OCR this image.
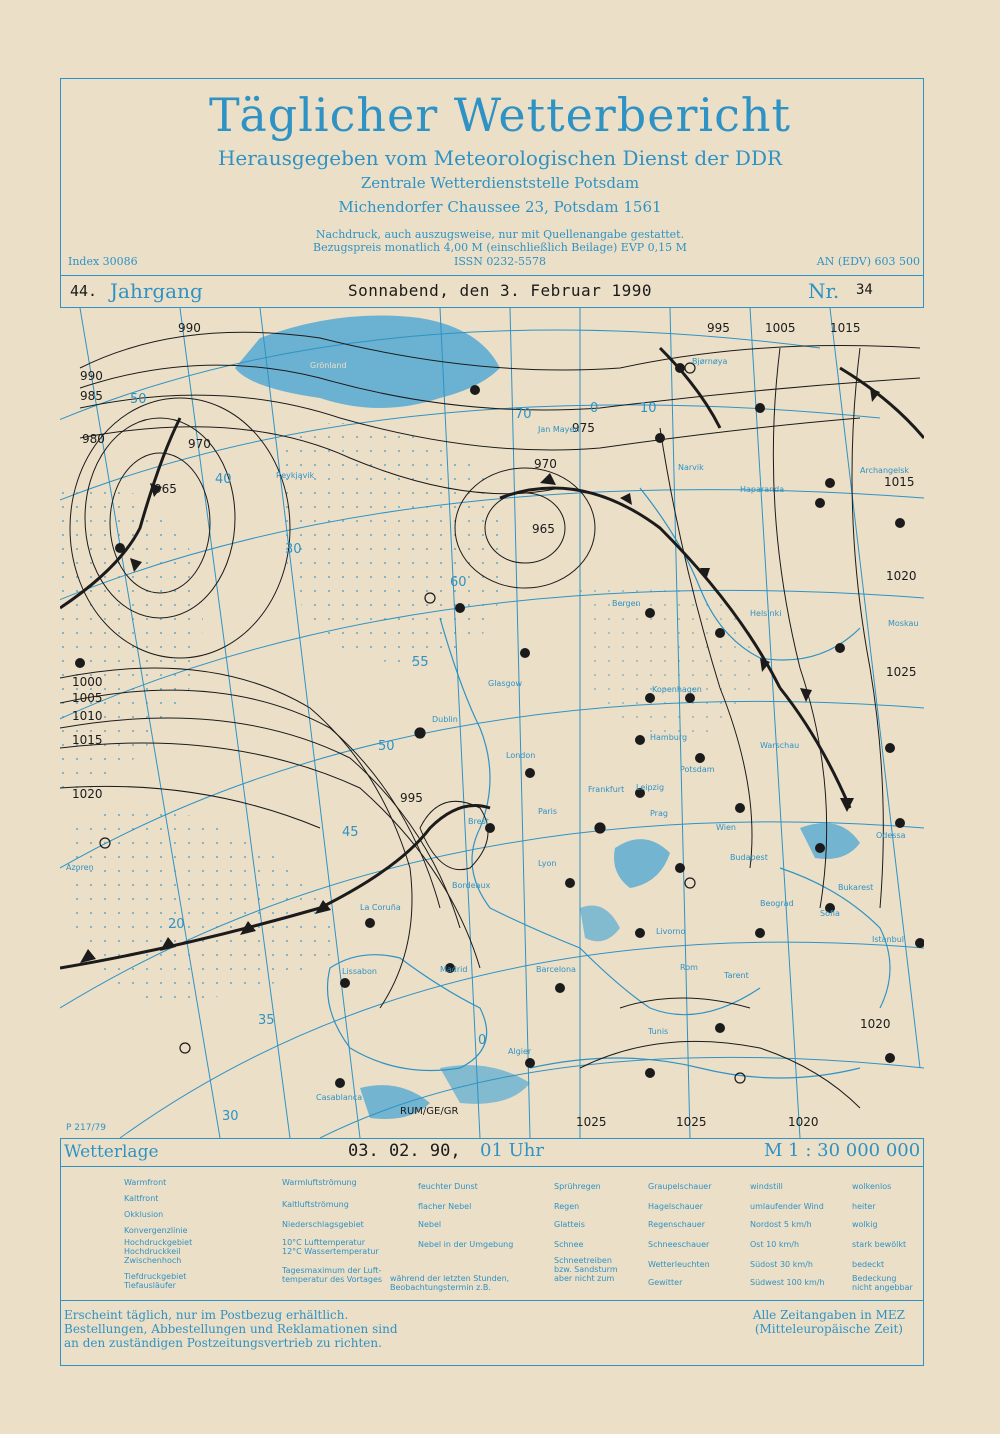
Täglicher Wetterbericht
Herausgegeben vom Meteorologischen Dienst der DDR
Zentrale Wetterdienststelle Potsdam
Michendorfer Chaussee 23, Potsdam 1561
Nachdruck, auch auszugsweise, nur mit Quellenangabe gestattet.
Bezugspreis monatlich 4,00 M (einschließlich Beilage) EVP 0,15 M
ISSN 0232-5578
Index 30086	AN (EDV) 603 500
44. Jahrgang	Sonnabend, den 3. Februar 1990	Nr. 34
990	995	1005	1015
990
985
980	970
965
975
970
965
1000
1005
1010
1015
1020	995
1015
1020
1025
1020
1025	1025	1020
50
40
30
70	0	10
60
55
50
45
20
35
30
0
Reykjavik
Jan Mayen
Narvik
Haparanda
Archangelsk
Bergen
Helsinki
Moskau
Glasgow
Kopenhagen
Dublin
London
Hamburg
Warschau
Potsdam
Frankfurt Leipzig
Brest
Paris	Prag
Wien
Budapest
Odessa
Lyon
Bukarest
Bordeaux
La Coruña
Livorno
Beograd
Sofia
Istanbul
Lissabon	Madrid	Barcelona	Rom
Tarent
Azoren
Algier
Tunis
Casablanca
Grönland	Bjørnøya
P 217/79
RUM/GE/GR
Wetterlage	03. 02. 90, 01 Uhr	M 1 : 30 000 000
Warmfront
Kaltfront
Okklusion
Konvergenzlinie
Hochdruckgebiet
Hochdruckkeil
Zwischenhoch
Tiefdruckgebiet
Tiefausläufer
Warmluftströmung
Kaltluftströmung
Niederschlagsgebiet
10°C Lufttemperatur
12°C Wassertemperatur
Tagesmaximum der Luft-
temperatur des Vortages
feuchter Dunst
flacher Nebel
Nebel
Nebel in der Umgebung
während der letzten Stunden,
Beobachtungstermin z.B.
Sprühregen
Regen
Glatteis
Schnee
Schneetreiben
bzw. Sandsturm
aber nicht zum
Graupelschauer
Hagelschauer
Regenschauer
Schneeschauer
Wetterleuchten
Gewitter
windstill
umlaufender Wind
Nordost 5 km/h
Ost 10 km/h
Südost 30 km/h
Südwest 100 km/h
wolkenlos
heiter
wolkig
stark bewölkt
bedeckt
Bedeckung
nicht angebbar
Erscheint täglich, nur im Postbezug erhältlich.
Bestellungen, Abbestellungen und Reklamationen sind
an den zuständigen Postzeitungsvertrieb zu richten.
Alle Zeitangaben in MEZ
(Mitteleuropäische Zeit)
